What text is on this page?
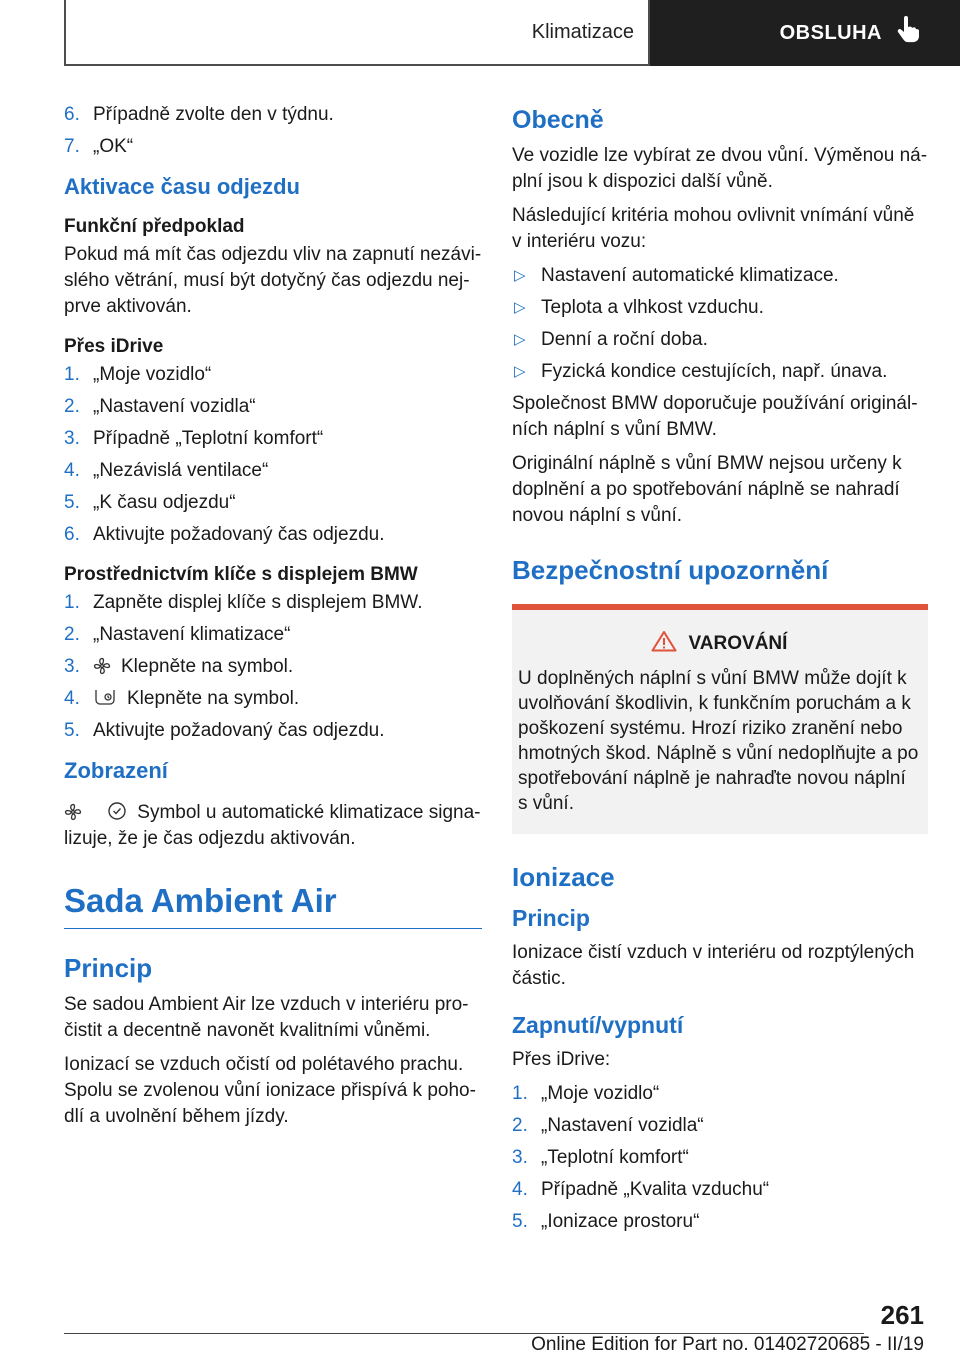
Klimatizace	OBSLUHA
6. Případně zvolte den v týdnu.
7. „OK“
Aktivace času odjezdu
Funkční předpoklad

Pokud má mít čas odjezdu vliv na zapnutí nezávislého větrání, musí být dotyčný čas odjezdu nejprve aktivován.

Přes iDrive
1. „Moje vozidlo“
2. „Nastavení vozidla“
3. Případně „Teplotní komfort“
4. „Nezávislá ventilace“
5. „K času odjezdu“
6. Aktivujte požadovaný čas odjezdu.
Prostřednictvím klíče s displejem BMW
1. Zapněte displej klíče s displejem BMW.
2. „Nastavení klimatizace“
3.	Klepněte na symbol.
4.	Klepněte na symbol.
5. Aktivujte požadovaný čas odjezdu.
Zobrazení

Symbol u automatické klimatizace signalizuje, že je čas odjezdu aktivován.

Sada Ambient Air
Princip

Se sadou Ambient Air lze vzduch v interiéru pročistit a decentně navonět kvalitními vůněmi.

Ionizací se vzduch očistí od polétavého prachu. Spolu se zvolenou vůní ionizace přispívá k pohodlí a uvolnění během jízdy.

Obecně

Ve vozidle lze vybírat ze dvou vůní. Výměnou náplní jsou k dispozici další vůně.

Následující kritéria mohou ovlivnit vnímání vůně v interiéru vozu:

▷ Nastavení automatické klimatizace.
▷ Teplota a vlhkost vzduchu.
▷ Denní a roční doba.
▷ Fyzická kondice cestujících, např. únava.

Společnost BMW doporučuje používání originálních náplní s vůní BMW.

Originální náplně s vůní BMW nejsou určeny k doplnění a po spotřebování náplně se nahradí novou náplní s vůní.

Bezpečnostní upozornění
VAROVÁNÍ

U doplněných náplní s vůní BMW může dojít k uvolňování škodlivin, k funkčním poruchám a k poškození systému. Hrozí riziko zranění nebo hmotných škod. Náplně s vůní nedoplňujte a po spotřebování náplně je nahraďte novou náplní s vůní.

Ionizace
Princip

Ionizace čistí vzduch v interiéru od rozptýlených částic.

Zapnutí/vypnutí

Přes iDrive:

1. „Moje vozidlo“
2. „Nastavení vozidla“
3. „Teplotní komfort“
4. Případně „Kvalita vzduchu“
5. „Ionizace prostoru“
261
Online Edition for Part no. 01402720685 - II/19
